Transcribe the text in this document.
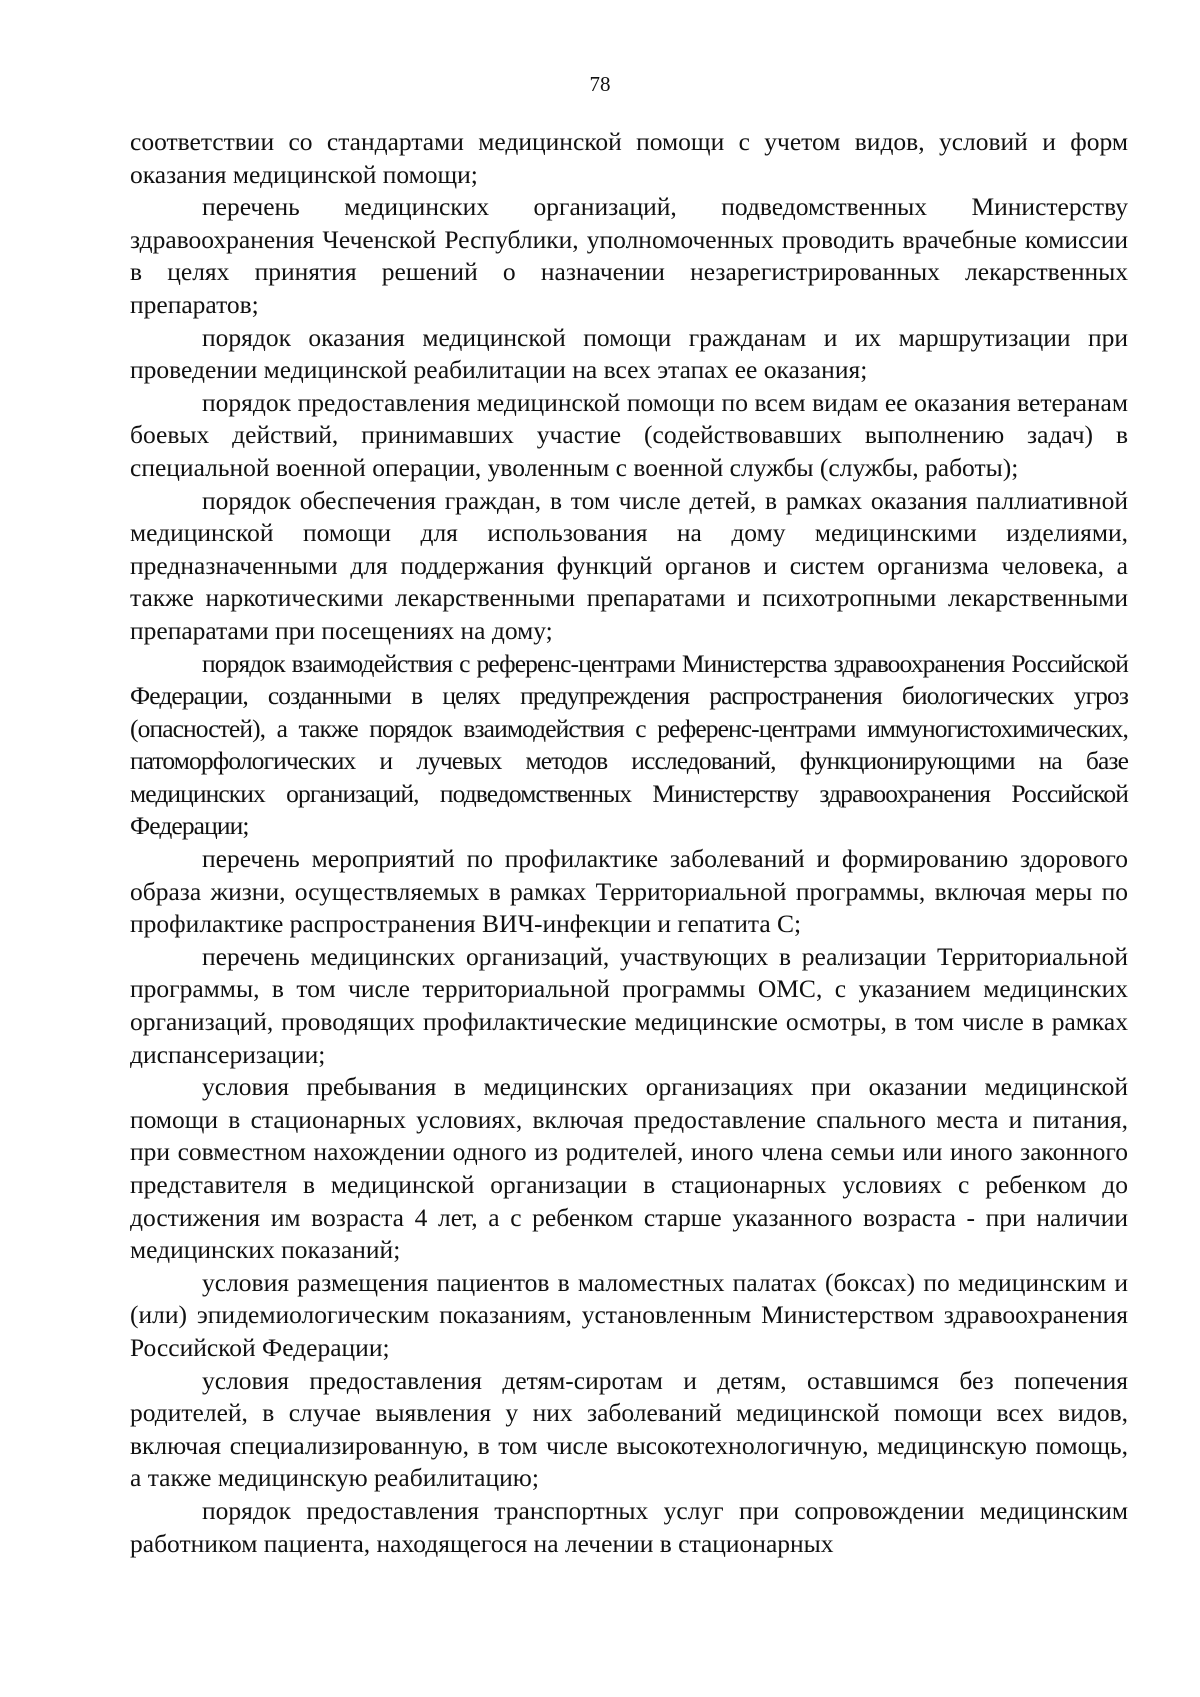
78

соответствии со стандартами медицинской помощи с учетом видов, условий и форм оказания медицинской помощи;

перечень медицинских организаций, подведомственных Министерству здравоохранения Чеченской Республики, уполномоченных проводить врачебные комиссии в целях принятия решений о назначении незарегистрированных лекарственных препаратов;

порядок оказания медицинской помощи гражданам и их маршрутизации при проведении медицинской реабилитации на всех этапах ее оказания;

порядок предоставления медицинской помощи по всем видам ее оказания ветеранам боевых действий, принимавших участие (содействовавших выполнению задач) в специальной военной операции, уволенным с военной службы (службы, работы);

порядок обеспечения граждан, в том числе детей, в рамках оказания паллиативной медицинской помощи для использования на дому медицинскими изделиями, предназначенными для поддержания функций органов и систем организма человека, а также наркотическими лекарственными препаратами и психотропными лекарственными препаратами при посещениях на дому;

порядок взаимодействия с референс-центрами Министерства здравоохранения Российской Федерации, созданными в целях предупреждения распространения биологических угроз (опасностей), а также порядок взаимодействия с референс-центрами иммуногистохимических, патоморфологических и лучевых методов исследований, функционирующими на базе медицинских организаций, подведомственных Министерству здравоохранения Российской Федерации;

перечень мероприятий по профилактике заболеваний и формированию здорового образа жизни, осуществляемых в рамках Территориальной программы, включая меры по профилактике распространения ВИЧ-инфекции и гепатита С;

перечень медицинских организаций, участвующих в реализации Территориальной программы, в том числе территориальной программы ОМС, с указанием медицинских организаций, проводящих профилактические медицинские осмотры, в том числе в рамках диспансеризации;

условия пребывания в медицинских организациях при оказании медицинской помощи в стационарных условиях, включая предоставление спального места и питания, при совместном нахождении одного из родителей, иного члена семьи или иного законного представителя в медицинской организации в стационарных условиях с ребенком до достижения им возраста 4 лет, а с ребенком старше указанного возраста - при наличии медицинских показаний;

условия размещения пациентов в маломестных палатах (боксах) по медицинским и (или) эпидемиологическим показаниям, установленным Министерством здравоохранения Российской Федерации;

условия предоставления детям-сиротам и детям, оставшимся без попечения родителей, в случае выявления у них заболеваний медицинской помощи всех видов, включая специализированную, в том числе высокотехнологичную, медицинскую помощь, а также медицинскую реабилитацию;

порядок предоставления транспортных услуг при сопровождении медицинским работником пациента, находящегося на лечении в стационарных
